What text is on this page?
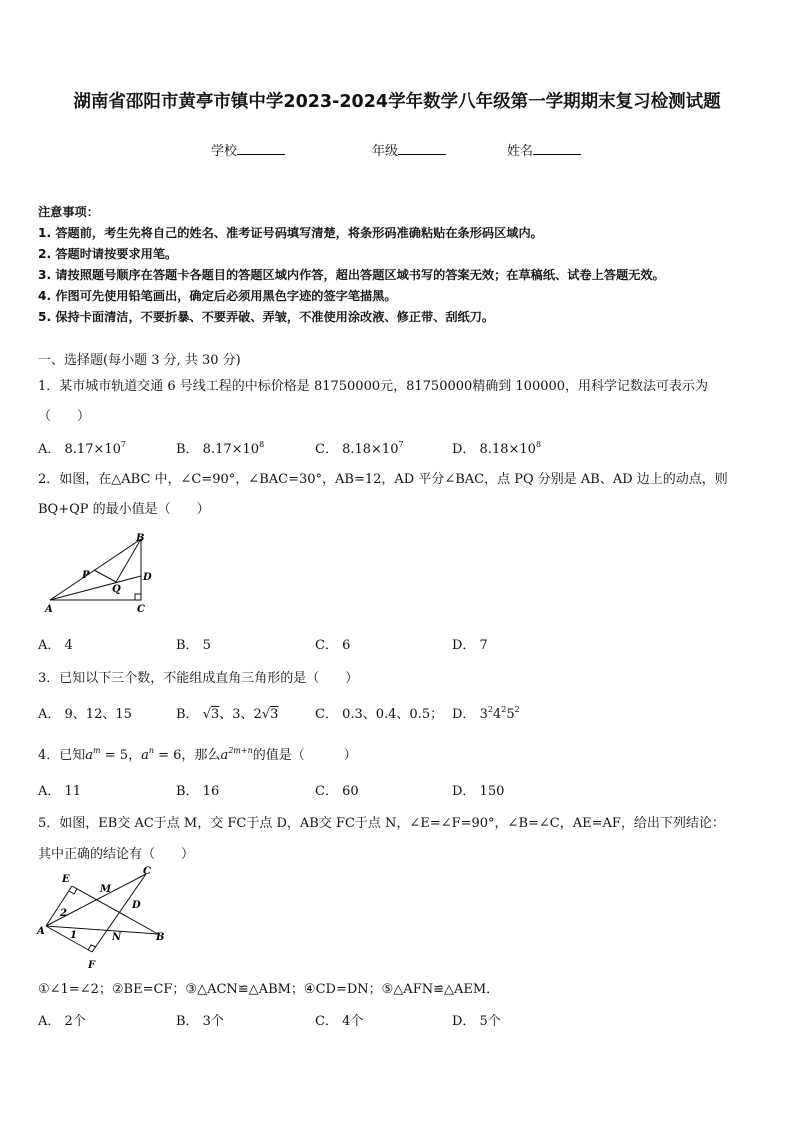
湖南省邵阳市黄亭市镇中学2023-2024学年数学八年级第一学期期末复习检测试题
学校	年级	姓名
注意事项：
1. 答题前，考生先将自己的姓名、准考证号码填写清楚，将条形码准确粘贴在条形码区域内。
2. 答题时请按要求用笔。
3. 请按照题号顺序在答题卡各题目的答题区域内作答，超出答题区域书写的答案无效；在草稿纸、试卷上答题无效。
4. 作图可先使用铅笔画出，确定后必须用黑色字迹的签字笔描黑。
5. 保持卡面清洁，不要折暴、不要弄破、弄皱，不准使用涂改液、修正带、刮纸刀。
一、选择题(每小题 3 分, 共 30 分)
1．某市城市轨道交通 6 号线工程的中标价格是 81750000元，81750000精确到 100000，用科学记数法可表示为
（　　）
A． $8.17\times 10^7$	B． $8.17\times 10^8$	C． $8.18\times 10^7$	D． $8.18\times 10^8$
2．如图，在△ABC 中，∠C=90°，∠BAC=30°，AB=12，AD 平分∠BAC，点 PQ 分别是 AB、AD 边上的动点，则
BQ+QP 的最小值是（　　）
B
D
P
Q
A	C
A． 4	B． 5	C． 6	D． 7
3．已知以下三个数，不能组成直角三角形的是（　　）
A． 9、12、15	B． √3、3、2√3	C． 0.3、0.4、0.5； D． $3^24^25^2$
4．已知$a^m = 5$，$a^n = 6$，那么$a^{2m+n}$的值是（　　　）
A． 11	B． 16	C． 60	D． 150
5．如图，EB交 AC于点 M，交 FC于点 D，AB交 FC于点 N，∠E=∠F=90°，∠B=∠C，AE=AF，给出下列结论：
其中正确的结论有（　　）
E
M
C
D
2
A	1	N	B
F
①∠1=∠2；②BE=CF；③△ACN≌△ABM；④CD=DN；⑤△AFN≌△AEM．
A． 2个	B． 3个	C． 4个	D． 5个
